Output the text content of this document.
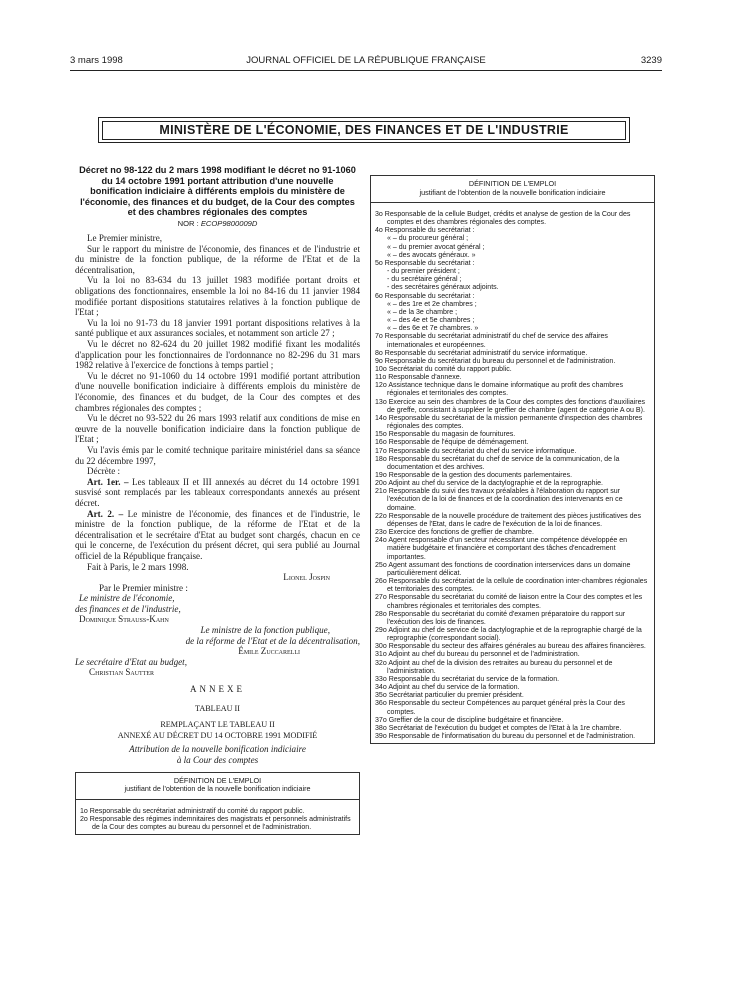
3 mars 1998	JOURNAL OFFICIEL DE LA RÉPUBLIQUE FRANÇAISE	3239
MINISTÈRE DE L'ÉCONOMIE, DES FINANCES ET DE L'INDUSTRIE

Décret no 98-122 du 2 mars 1998 modifiant le décret no 91-1060 du 14 octobre 1991 portant attribution d'une nouvelle bonification indiciaire à différents emplois du ministère de l'économie, des finances et du budget, de la Cour des comptes et des chambres régionales des comptes

NOR : ECOP9800009D

Le Premier ministre,

Sur le rapport du ministre de l'économie, des finances et de l'industrie et du ministre de la fonction publique, de la réforme de l'Etat et de la décentralisation,

Vu la loi no 83-634 du 13 juillet 1983 modifiée portant droits et obligations des fonctionnaires, ensemble la loi no 84-16 du 11 janvier 1984 modifiée portant dispositions statutaires relatives à la fonction publique de l'Etat ;

Vu la loi no 91-73 du 18 janvier 1991 portant dispositions relatives à la santé publique et aux assurances sociales, et notamment son article 27 ;

Vu le décret no 82-624 du 20 juillet 1982 modifié fixant les modalités d'application pour les fonctionnaires de l'ordonnance no 82-296 du 31 mars 1982 relative à l'exercice de fonctions à temps partiel ;

Vu le décret no 91-1060 du 14 octobre 1991 modifié portant attribution d'une nouvelle bonification indiciaire à différents emplois du ministère de l'économie, des finances et du budget, de la Cour des comptes et des chambres régionales des comptes ;

Vu le décret no 93-522 du 26 mars 1993 relatif aux conditions de mise en œuvre de la nouvelle bonification indiciaire dans la fonction publique de l'Etat ;

Vu l'avis émis par le comité technique paritaire ministériel dans sa séance du 22 décembre 1997,

Décrète :

Art. 1er. – Les tableaux II et III annexés au décret du 14 octobre 1991 susvisé sont remplacés par les tableaux correspondants annexés au présent décret.

Art. 2. – Le ministre de l'économie, des finances et de l'industrie, le ministre de la fonction publique, de la réforme de l'Etat et de la décentralisation et le secrétaire d'Etat au budget sont chargés, chacun en ce qui le concerne, de l'exécution du présent décret, qui sera publié au Journal officiel de la République française.

Fait à Paris, le 2 mars 1998.

Lionel Jospin

Par le Premier ministre :

Le ministre de l'économie,

des finances et de l'industrie,

Dominique Strauss-Kahn

Le ministre de la fonction publique,

de la réforme de l'Etat et de la décentralisation,

Émile Zuccarelli

Le secrétaire d'Etat au budget,

Christian Sautter

ANNEXE

TABLEAU II

REMPLAÇANT LE TABLEAU II

ANNEXÉ AU DÉCRET DU 14 OCTOBRE 1991 MODIFIÉ

Attribution de la nouvelle bonification indiciaire

à la Cour des comptes

DÉFINITION DE L'EMPLOI
justifiant de l'obtention de la nouvelle bonification indiciaire

1o Responsable du secrétariat administratif du comité du rapport public.

2o Responsable des régimes indemnitaires des magistrats et personnels administratifs de la Cour des comptes au bureau du personnel et de l'administration.

DÉFINITION DE L'EMPLOI
justifiant de l'obtention de la nouvelle bonification indiciaire

3o Responsable de la cellule Budget, crédits et analyse de gestion de la Cour des comptes et des chambres régionales des comptes.

4o Responsable du secrétariat :

« – du procureur général ;

« – du premier avocat général ;

« – des avocats généraux. »

5o Responsable du secrétariat :

- du premier président ;

- du secrétaire général ;

- des secrétaires généraux adjoints.

6o Responsable du secrétariat :

« – des 1re et 2e chambres ;

« – de la 3e chambre ;

« – des 4e et 5e chambres ;

« – des 6e et 7e chambres. »

7o Responsable du secrétariat administratif du chef de service des affaires internationales et européennes.

8o Responsable du secrétariat administratif du service informatique.

9o Responsable du secrétariat du bureau du personnel et de l'administration.

10o Secrétariat du comité du rapport public.

11o Responsable d'annexe.

12o Assistance technique dans le domaine informatique au profit des chambres régionales et territoriales des comptes.

13o Exercice au sein des chambres de la Cour des comptes des fonctions d'auxiliaires de greffe, consistant à suppléer le greffier de chambre (agent de catégorie A ou B).

14o Responsable du secrétariat de la mission permanente d'inspection des chambres régionales des comptes.

15o Responsable du magasin de fournitures.

16o Responsable de l'équipe de déménagement.

17o Responsable du secrétariat du chef du service informatique.

18o Responsable du secrétariat du chef de service de la communication, de la documentation et des archives.

19o Responsable de la gestion des documents parlementaires.

20o Adjoint au chef du service de la dactylographie et de la reprographie.

21o Responsable du suivi des travaux préalables à l'élaboration du rapport sur l'exécution de la loi de finances et de la coordination des intervenants en ce domaine.

22o Responsable de la nouvelle procédure de traitement des pièces justificatives des dépenses de l'Etat, dans le cadre de l'exécution de la loi de finances.

23o Exercice des fonctions de greffier de chambre.

24o Agent responsable d'un secteur nécessitant une compétence développée en matière budgétaire et financière et comportant des tâches d'encadrement importantes.

25o Agent assumant des fonctions de coordination interservices dans un domaine particulièrement délicat.

26o Responsable du secrétariat de la cellule de coordination inter-chambres régionales et territoriales des comptes.

27o Responsable du secrétariat du comité de liaison entre la Cour des comptes et les chambres régionales et territoriales des comptes.

28o Responsable du secrétariat du comité d'examen préparatoire du rapport sur l'exécution des lois de finances.

29o Adjoint au chef de service de la dactylographie et de la reprographie chargé de la reprographie (correspondant social).

30o Responsable du secteur des affaires générales au bureau des affaires financières.

31o Adjoint au chef du bureau du personnel et de l'administration.

32o Adjoint au chef de la division des retraites au bureau du personnel et de l'administration.

33o Responsable du secrétariat du service de la formation.

34o Adjoint au chef du service de la formation.

35o Secrétariat particulier du premier président.

36o Responsable du secteur Compétences au parquet général près la Cour des comptes.

37o Greffier de la cour de discipline budgétaire et financière.

38o Secrétariat de l'exécution du budget et comptes de l'Etat à la 1re chambre.

39o Responsable de l'informatisation du bureau du personnel et de l'administration.
